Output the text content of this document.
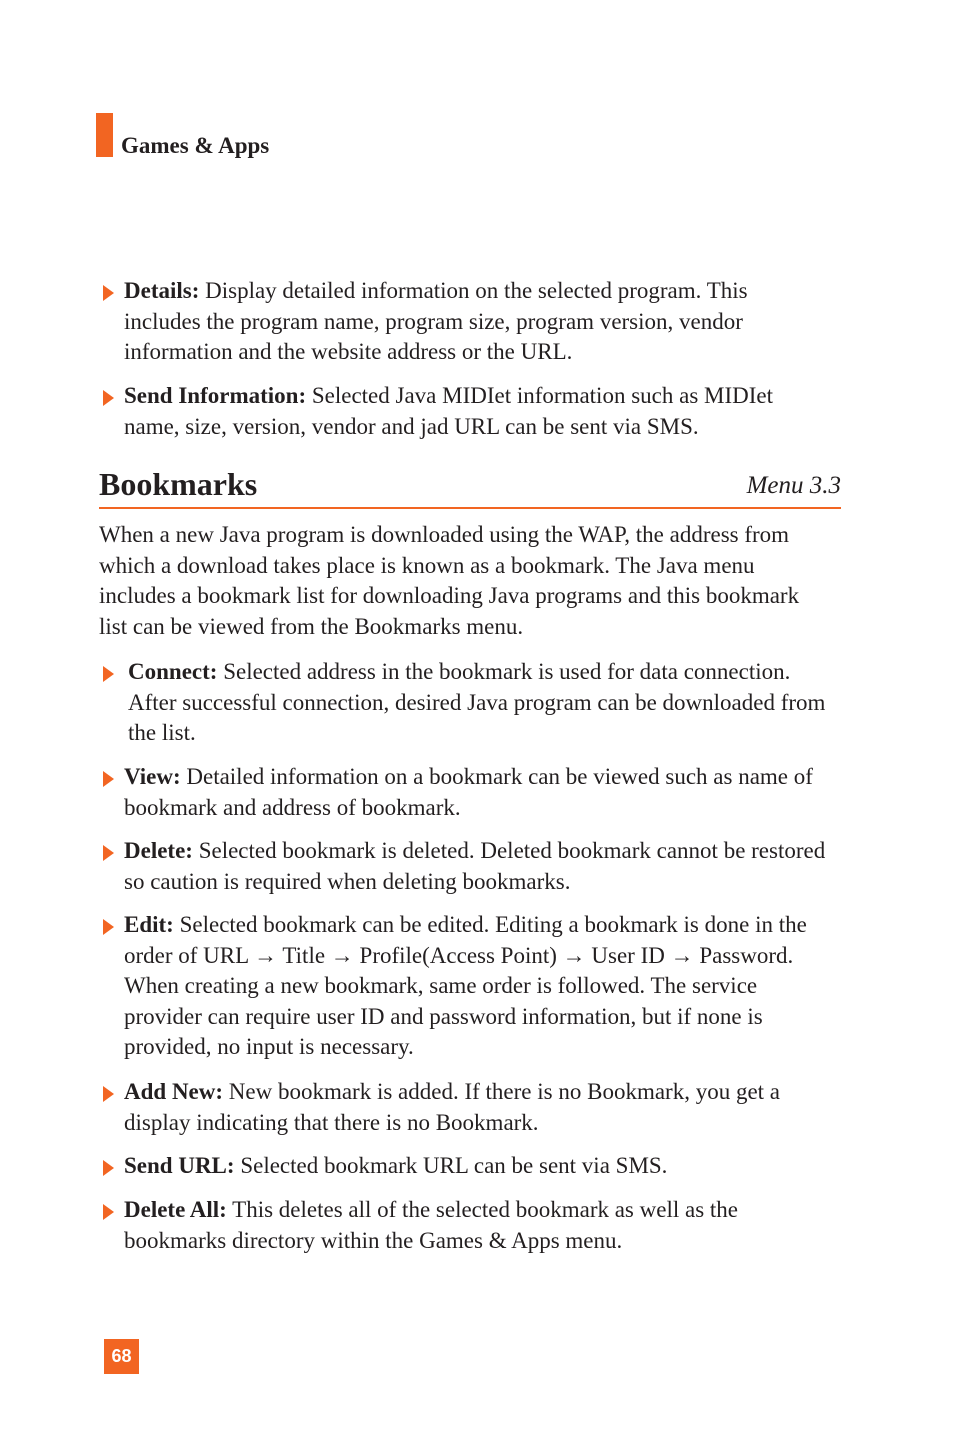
Games & Apps
Details: Display detailed information on the selected program. This includes the program name, program size, program version, vendor information and the website address or the URL.
Send Information: Selected Java MIDIet information such as MIDIet name, size, version, vendor and jad URL can be sent via SMS.
Bookmarks	Menu 3.3
When a new Java program is downloaded using the WAP, the address from which a download takes place is known as a bookmark. The Java menu includes a bookmark list for downloading Java programs and this bookmark list can be viewed from the Bookmarks menu.
Connect: Selected address in the bookmark is used for data connection. After successful connection, desired Java program can be downloaded from the list.
View: Detailed information on a bookmark can be viewed such as name of bookmark and address of bookmark.
Delete: Selected bookmark is deleted. Deleted bookmark cannot be restored so caution is required when deleting bookmarks.
Edit: Selected bookmark can be edited. Editing a bookmark is done in the order of URL → Title → Profile(Access Point) → User ID → Password. When creating a new bookmark, same order is followed. The service provider can require user ID and password information, but if none is provided, no input is necessary.
Add New: New bookmark is added. If there is no Bookmark, you get a display indicating that there is no Bookmark.
Send URL: Selected bookmark URL can be sent via SMS.
Delete All: This deletes all of the selected bookmark as well as the bookmarks directory within the Games & Apps menu.
68
